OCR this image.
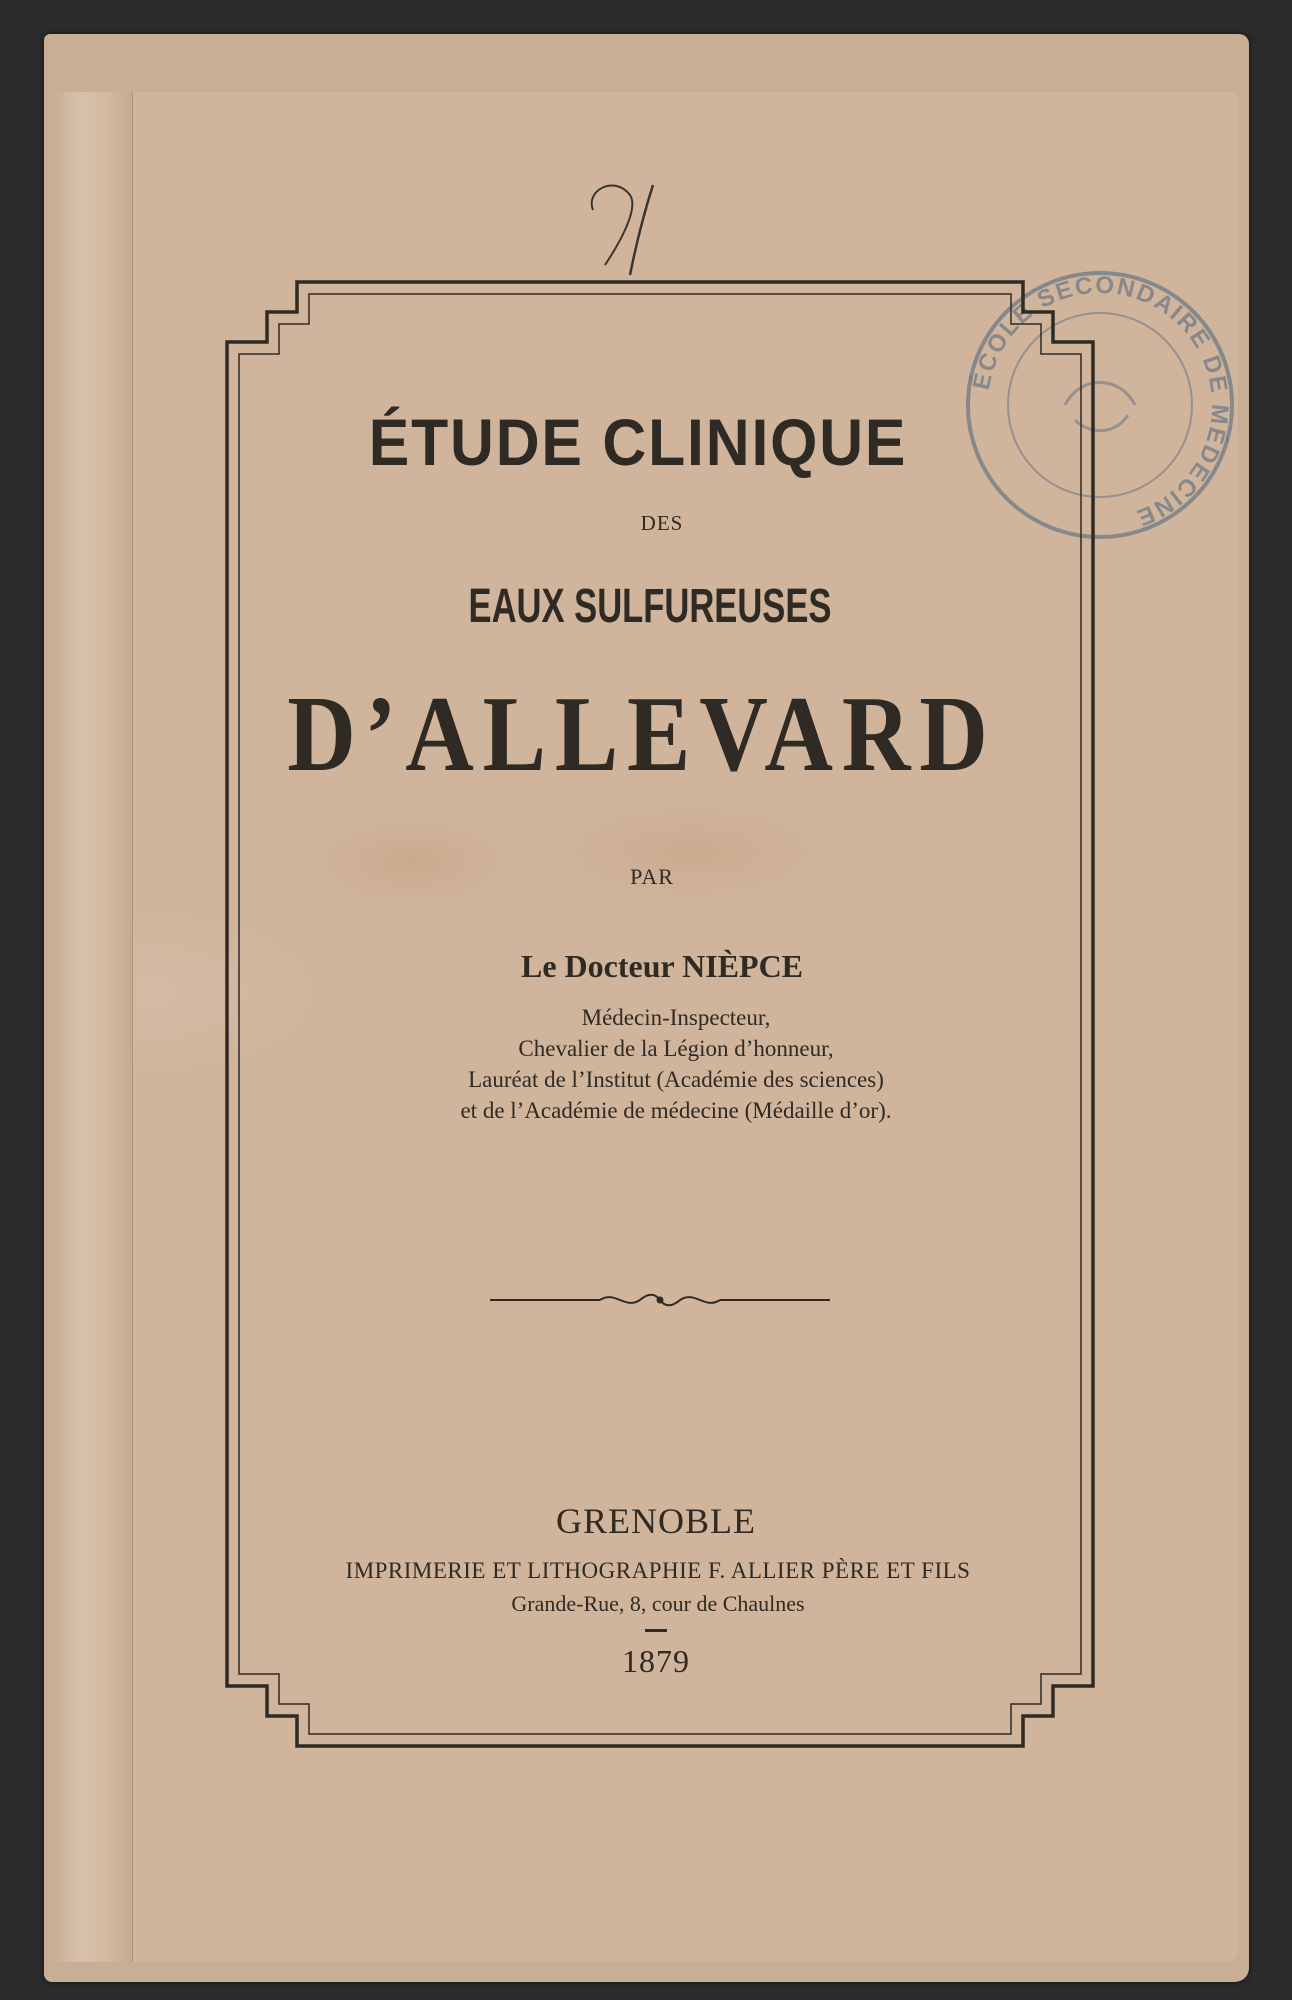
ÉCOLE SECONDAIRE DE MÉDECINE
ÉTUDE CLINIQUE

DES

EAUX SULFUREUSES
D’ALLEVARD

PAR

Le Docteur NIÈPCE

Médecin-Inspecteur,

Chevalier de la Légion d’honneur,

Lauréat de l’Institut (Académie des sciences)

et de l’Académie de médecine (Médaille d’or).

GRENOBLE

IMPRIMERIE ET LITHOGRAPHIE F. ALLIER PÈRE ET FILS

Grande-Rue, 8, cour de Chaulnes

1879
